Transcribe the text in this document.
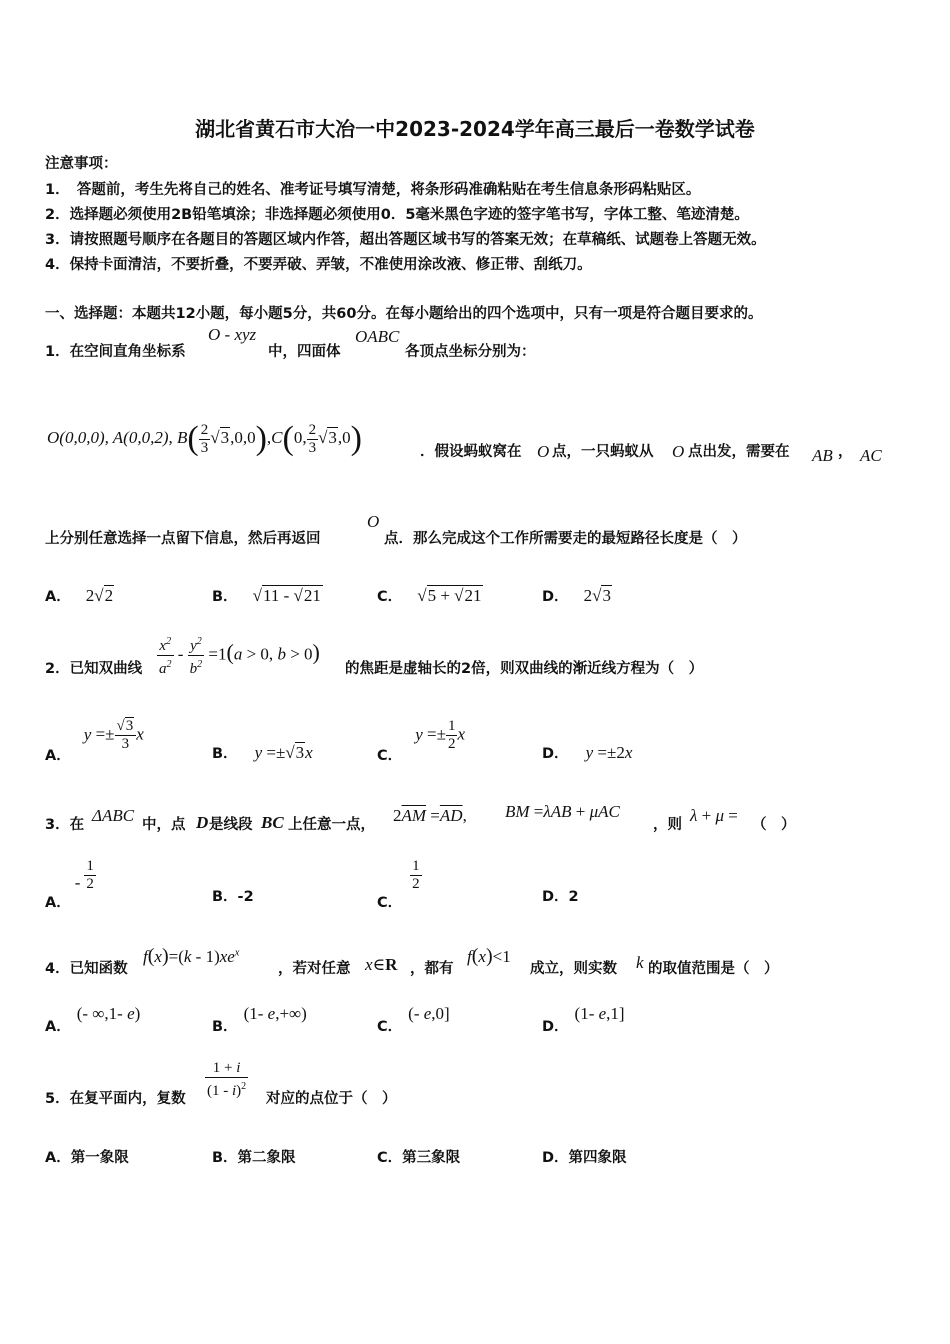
湖北省黄石市大冶一中2023-2024学年高三最后一卷数学试卷
注意事项：
1．　答题前，考生先将自己的姓名、准考证号填写清楚，将条形码准确粘贴在考生信息条形码粘贴区。
2．选择题必须使用2B铅笔填涂；非选择题必须使用0．5毫米黑色字迹的签字笔书写，字体工整、笔迹清楚。
3．请按照题号顺序在各题目的答题区域内作答，超出答题区域书写的答案无效；在草稿纸、试题卷上答题无效。
4．保持卡面清洁，不要折叠，不要弄破、弄皱，不准使用涂改液、修正带、刮纸刀。
一、选择题：本题共12小题，每小题5分，共60分。在每小题给出的四个选项中，只有一项是符合题目要求的。
1．在空间直角坐标系
O - xyz
中，四面体
OABC
各顶点坐标分别为：
O(0,0,0), A(0,0,2), $B( \frac{2}{3} √3,0,0),C(0$, $\frac{2}{3} √3,0$)	．假设蚂蚁窝在 O 点，一只蚂蚁从 O 点出发，需要在 AB ， AC
上分别任意选择一点留下信息，然后再返回
O
点．那么完成这个工作所需要走的最短路径长度是（　）
A． 2√2	B． √11 - √21	C． √5 + √21	D． 2√3
2．已知双曲线 $\frac{x^2}{a^2} - \frac{y^2}{b^2} =1(a > 0$, b > 0)
的焦距是虚轴长的2倍，则双曲线的渐近线方程为（　）
A． $y =\pm \frac{√3}{3}$ x
B． y =±√3x	C． $y =\pm \frac{1}{2}$ x
D． y =±2x
3．在 ΔABC 中，点 D 是线段 BC 上任意一点， $2\overline{AM} =\overline{AD}$, BM =λAB + μAC
，则 λ + μ = （　）
A．- $\frac{1}{2}$
B．-2	C．
$\frac{1}{2}$
D．2
4．已知函数
$f(x)=(k - 1)xe^x$
，若对任意 x∈R ，都有
f(x)<1
成立，则实数 k 的取值范围是（　）
A．(- ∞,1- e)
B．(1- e,+∞)
C．(- e,0]
D．(1- e,1]
5．在复平面内，复数 $\frac{1 + i}{(1 - i)^2}$ 对应的点位于（　）
A．第一象限	B．第二象限	C．第三象限	D．第四象限
